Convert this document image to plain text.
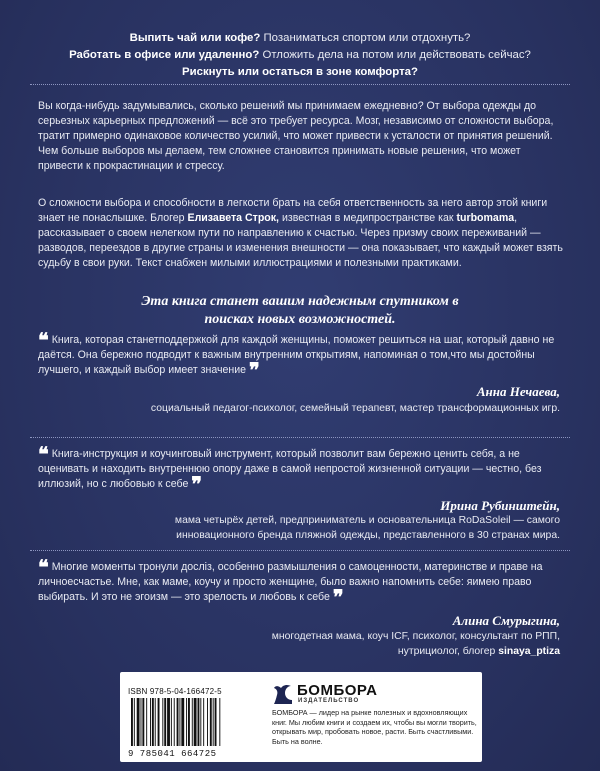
Выпить чай или кофе? Позаниматься спортом или отдохнуть?
Работать в офисе или удаленно? Отложить дела на потом или действовать сейчас?
Рискнуть или остаться в зоне комфорта?

Вы когда-нибудь задумывались, сколько решений мы принимаем ежедневно? От выбора одежды до серьезных карьерных предложений — всё это требует ресурса. Мозг, независимо от сложности выбора, тратит примерно одинаковое количество усилий, что может привести к усталости от принятия решений. Чем больше выборов мы делаем, тем сложнее становится принимать новые решения, что может привести к прокрастинации и стрессу.

О сложности выбора и способности в легкости брать на себя ответственность за него автор этой книги знает не понаслышке. Блогер Елизавета Строк, известная в медипространстве как turbomama, рассказывает о своем нелегком пути по направлению к счастью. Через призму своих переживаний — разводов, переездов в другие страны и изменения внешности — она показывает, что каждый может взять судьбу в свои руки. Текст снабжен милыми иллюстрациями и полезными практиками.

Эта книга станет вашим надежным спутником в поисках новых возможностей.
❝ Книга, которая станетподдержкой для каждой женщины, поможет решиться на шаг, который давно не даётся. Она бережно подводит к важным внутренним открытиям, напоминая о том,что мы достойны лучшего, и каждый выбор имеет значение ❞
Анна Нечаева,
социальный педагог-психолог, семейный терапевт, мастер трансформационных игр.
❝ Книга-инструкция и коучинговый инструмент, который позволит вам бережно ценить себя, а не оценивать и находить внутреннюю опору даже в самой непростой жизненной ситуации — честно, без иллюзий, но с любовью к себе ❞
Ирина Рубинштейн,
мама четырёх детей, предприниматель и основательница RoDaSoleil — самого инновационного бренда пляжной одежды, представленного в 30 странах мира.
❝ Многие моменты тронули досліз, особенно размышления о самоценности, материнстве и праве на личноесчастье. Мне, как маме, коучу и просто женщине, было важно напомнить себе: яимею право выбирать. И это не эгоизм — это зрелость и любовь к себе ❞
Алина Смурыгина,
многодетная мама, коуч ICF, психолог, консультант по РПП, нутрициолог, блогер sinaya_ptiza
ISBN 978-5-04-166472-5
9 785041 664725
БОМБОРА
ИЗДАТЕЛЬСТВО
БОМБОРА — лидер на рынке полезных и вдохновляющих книг. Мы любим книги и создаем их, чтобы вы могли творить, открывать мир, пробовать новое, расти. Быть счастливыми. Быть на волне.
